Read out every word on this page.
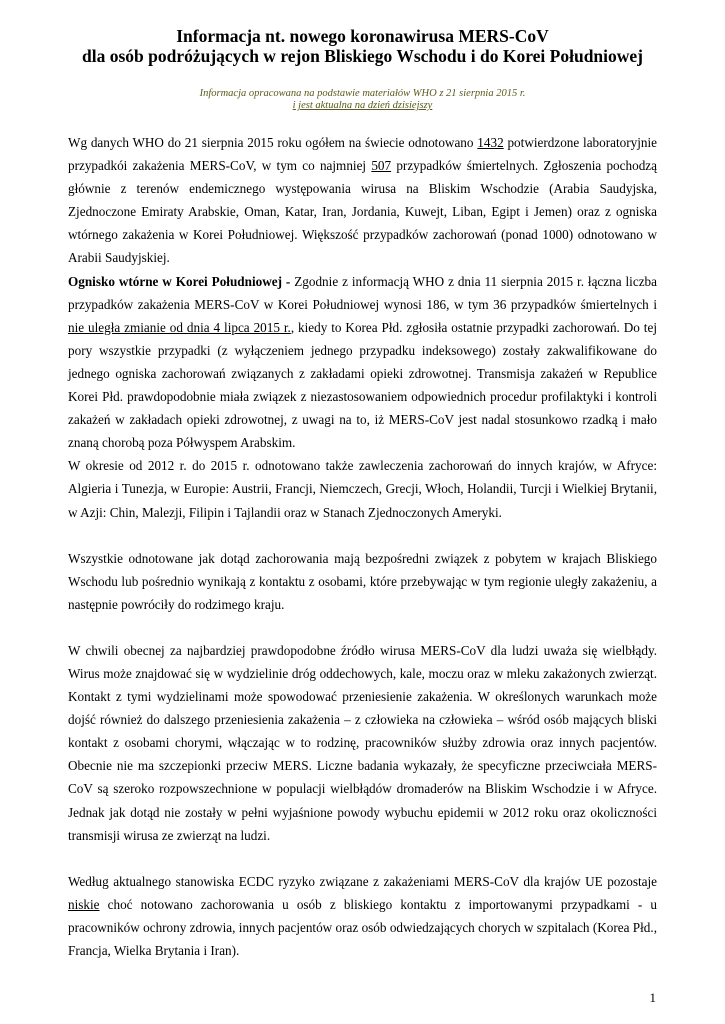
Informacja nt. nowego koronawirusa MERS-CoV
dla osób podróżujących w rejon Bliskiego Wschodu i do Korei Południowej
Informacja opracowana na podstawie materiałów WHO z 21 sierpnia 2015 r.
i jest aktualna na dzień dzisiejszy

Wg danych WHO do 21 sierpnia 2015 roku ogółem na świecie odnotowano 1432 potwierdzone laboratoryjnie przypadkói zakażenia MERS-CoV, w tym co najmniej 507 przypadków śmiertelnych. Zgłoszenia pochodzą głównie z terenów endemicznego występowania wirusa na Bliskim Wschodzie (Arabia Saudyjska, Zjednoczone Emiraty Arabskie, Oman, Katar, Iran, Jordania, Kuwejt, Liban, Egipt i Jemen) oraz z ogniska wtórnego zakażenia w Korei Południowej. Większość przypadków zachorowań (ponad 1000) odnotowano w Arabii Saudyjskiej.

Ognisko wtórne w Korei Południowej - Zgodnie z informacją WHO z dnia 11 sierpnia 2015 r. łączna liczba przypadków zakażenia MERS-CoV w Korei Południowej wynosi 186, w tym 36 przypadków śmiertelnych i nie uległa zmianie od dnia 4 lipca 2015 r., kiedy to Korea Płd. zgłosiła ostatnie przypadki zachorowań. Do tej pory wszystkie przypadki (z wyłączeniem jednego przypadku indeksowego) zostały zakwalifikowane do jednego ogniska zachorowań związanych z zakładami opieki zdrowotnej. Transmisja zakażeń w Republice Korei Płd. prawdopodobnie miała związek z niezastosowaniem odpowiednich procedur profilaktyki i kontroli zakażeń w zakładach opieki zdrowotnej, z uwagi na to, iż MERS-CoV jest nadal stosunkowo rzadką i mało znaną chorobą poza Półwyspem Arabskim.

W okresie od 2012 r. do 2015 r. odnotowano także zawleczenia zachorowań do innych krajów, w Afryce: Algieria i Tunezja, w Europie: Austrii, Francji, Niemczech, Grecji, Włoch, Holandii, Turcji i Wielkiej Brytanii, w Azji: Chin, Malezji, Filipin i Tajlandii oraz w Stanach Zjednoczonych Ameryki.

Wszystkie odnotowane jak dotąd zachorowania mają bezpośredni związek z pobytem w krajach Bliskiego Wschodu lub pośrednio wynikają z kontaktu z osobami, które przebywając w tym regionie uległy zakażeniu, a następnie powróciły do rodzimego kraju.

W chwili obecnej za najbardziej prawdopodobne źródło wirusa MERS-CoV dla ludzi uważa się wielbłądy. Wirus może znajdować się w wydzielinie dróg oddechowych, kale, moczu oraz w mleku zakażonych zwierząt. Kontakt z tymi wydzielinami może spowodować przeniesienie zakażenia. W określonych warunkach może dojść również do dalszego przeniesienia zakażenia – z człowieka na człowieka – wśród osób mających bliski kontakt z osobami chorymi, włączając w to rodzinę, pracowników służby zdrowia oraz innych pacjentów. Obecnie nie ma szczepionki przeciw MERS. Liczne badania wykazały, że specyficzne przeciwciała MERS-CoV są szeroko rozpowszechnione w populacji wielbłądów dromaderów na Bliskim Wschodzie i w Afryce. Jednak jak dotąd nie zostały w pełni wyjaśnione powody wybuchu epidemii w 2012 roku oraz okoliczności transmisji wirusa ze zwierząt na ludzi.

Według aktualnego stanowiska ECDC ryzyko związane z zakażeniami MERS-CoV dla krajów UE pozostaje niskie choć notowano zachorowania u osób z bliskiego kontaktu z importowanymi przypadkami - u pracowników ochrony zdrowia, innych pacjentów oraz osób odwiedzających chorych w szpitalach (Korea Płd., Francja, Wielka Brytania i Iran).

1
